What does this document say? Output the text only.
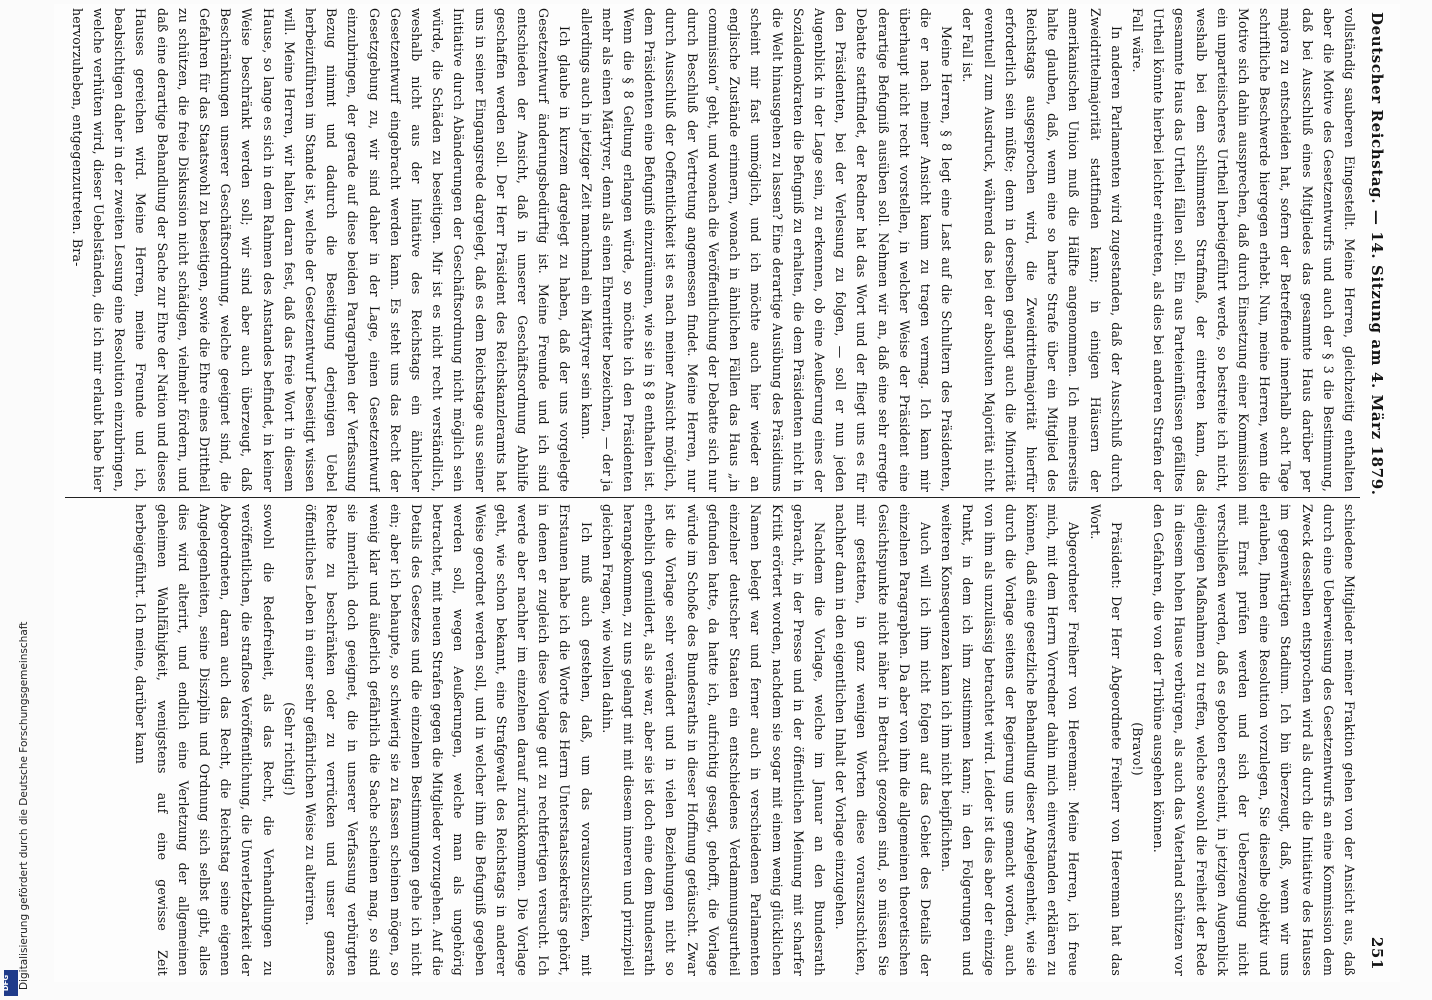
Deutscher Reichstag. — 14. Sitzung am 4. März 1879.
251

vollständig sauberen Eingestellt. Meine Herren, gleichzeitig enthalten aber die Motive des Gesetzentwurfs und auch der § 3 die Bestimmung, daß bei Ausschluß eines Mitgliedes das gesammte Haus darüber per majora zu entscheiden hat, sofern der Betreffende innerhalb acht Tage schriftliche Beschwerde hiergegen erhebt. Nun, meine Herren, wenn die Motive sich dahin aussprechen, daß durch Einsetzung einer Kommission ein unparteiischeres Urtheil herbeigeführt werde, so bestreite ich nicht, weshalb bei dem schlimmsten Strafmaß, der eintreten kann, das gesammte Haus das Urtheil fällen soll. Ein aus Parteieinflüssen gefälltes Urtheil könnte hierbei leichter eintreten, als dies bei anderen Strafen der Fall wäre.

In anderen Parlamenten wird zugestanden, daß der Ausschluß durch Zweidrittelmajorität stattfinden kann; in einigen Häusern der amerikanischen Union muß die Hälfte angenommen. Ich meinerseits halte glauben, daß, wenn eine so harte Strafe über ein Mitglied des Reichstags ausgesprochen wird, die Zweidrittelmajorität hierfür erforderlich sein müßte; denn in derselben gelangt auch die Minorität eventuell zum Ausdruck, während das bei der absoluten Majorität nicht der Fall ist.

Meine Herren, § 8 legt eine Last auf die Schultern des Präsidenten, die er nach meiner Ansicht kaum zu tragen vermag. Ich kann mir überhaupt nicht recht vorstellen, in welcher Weise der Präsident eine derartige Befugniß ausüben soll. Nehmen wir an, daß eine sehr erregte Debatte stattfindet, der Redner hat das Wort und der fliegt uns es für den Präsidenten, bei der Verlesung zu folgen, — soll er nun jeden Augenblick in der Lage sein, zu erkennen, ob eine Aeußerung eines der Sozialdemokraten die Befugniß zu erhalten, die dem Präsidenten nicht in die Welt hinausgehen zu lassen? Eine derartige Ausübung des Präsidiums scheint mir fast unmöglich, und ich möchte auch hier wieder an englische Zustände erinnern, wonach in ähnlichen Fällen das Haus „in commission“ geht, und wonach die Veröffentlichung der Debatte sich nur durch Beschluß der Vertretung angemessen findet. Meine Herren, nur durch Ausschluß der Oeffentlichkeit ist es nach meiner Ansicht möglich, dem Präsidenten eine Befugniß einzuräumen, wie sie in § 8 enthalten ist. Wenn die § 8 Geltung erlangen würde, so möchte ich den Präsidenten mehr als einen Märtyrer, denn als einen Ehrenritter bezeichnen, — der ja allerdings auch in jetziger Zeit manchmal ein Märtyrer sein kann.

Ich glaube in kurzem dargelegt zu haben, daß der uns vorgelegte Gesetzentwurf änderungsbedürftig ist. Meine Freunde und ich sind entschieden der Ansicht, daß in unserer Geschäftsordnung Abhilfe geschaffen werden soll. Der Herr Präsident des Reichskanzleramts hat uns in seiner Eingangsrede dargelegt, daß es dem Reichstage aus seiner Initiative durch Abänderungen der Geschäftsordnung nicht möglich sein würde, die Schäden zu beseitigen. Mir ist es nicht recht verständlich, weshalb nicht aus der Initiative des Reichstags ein ähnlicher Gesetzentwurf eingebracht werden kann. Es steht uns das Recht der Gesetzgebung zu, wir sind daher in der Lage, einen Gesetzentwurf einzubringen, der gerade auf diese beiden Paragraphen der Verfassung Bezug nimmt und dadurch die Beseitigung derjenigen Uebel herbeizuführen im Stande ist, welche der Gesetzentwurf beseitigt wissen will. Meine Herren, wir halten daran fest, daß das freie Wort in diesem Hause, so lange es sich in dem Rahmen des Anstandes befindet, in keiner Weise beschränkt werden soll; wir sind aber auch überzeugt, daß Beschränkungen unserer Geschäftsordnung, welche geeignet sind, die Gefahren für das Staatswohl zu beseitigen, sowie die Ehre eines Drittheil zu schützen, die freie Diskussion nicht schädigen, vielmehr fördern, und daß eine derartige Behandlung der Sache zur Ehre der Nation und dieses Hauses gereichen wird. Meine Herren, meine Freunde und ich, beabsichtigen daher in der zweiten Lesung eine Resolution einzubringen, welche verhüten wird, dieser Uebelständen, die ich mir erlaubt habe hier hervorzuheben, entgegenzutreten. Bra-

schiedene Mitglieder meiner Fraktion gehen von der Ansicht aus, daß durch eine Ueberweisung des Gesetzentwurfs an eine Kommission dem Zweck desselben entsprochen wird als durch die Initiative des Hauses im gegenwärtigen Stadium. Ich bin überzeugt, daß, wenn wir uns erlauben, Ihnen eine Resolution vorzulegen, Sie dieselbe objektiv und mit Ernst prüfen werden und sich der Ueberzeugung nicht verschließen werden, daß es geboten erscheint, in jetzigen Augenblick diejenigen Maßnahmen zu treffen, welche sowohl die Freiheit der Rede in diesem hohen Hause verbürgen, als auch das Vaterland schützen vor den Gefahren, die von der Tribüne ausgehen können.

(Bravo!)

Präsident: Der Herr Abgeordnete Freiherr von Heereman hat das Wort.

Abgeordneter Freiherr von Heereman: Meine Herren, ich freue mich, mit dem Herrn Vorredner dahin mich einverstanden erklären zu können, daß eine gesetzliche Behandlung dieser Angelegenheit, wie sie durch die Vorlage seitens der Regierung uns gemacht worden, auch von ihm als unzulässig betrachtet wird. Leider ist dies aber der einzige Punkt, in dem ich ihm zustimmen kann; in den Folgerungen und weiteren Konsequenzen kann ich ihm nicht beipflichten.

Auch will ich ihm nicht folgen auf das Gebiet des Details der einzelnen Paragraphen. Da aber von ihm die allgemeinen theoretischen Gesichtspunkte nicht näher in Betracht gezogen sind, so müssen Sie mir gestatten, in ganz wenigen Worten diese vorauszuschicken, nachher dann in den eigentlichen Inhalt der Vorlage einzugehen.

Nachdem die Vorlage, welche im Januar an den Bundesrath gebracht, in der Presse und in der öffentlichen Meinung mit scharfer Kritik erörtert worden, nachdem sie sogar mit einem wenig glücklichen Namen belegt war und ferner auch in verschiedenen Parlamenten einzelner deutscher Staaten ein entschiedenes Verdammungsurtheil gefunden hatte, da hatte ich, aufrichtig gesagt, gehofft, die Vorlage würde im Schoße des Bundesraths in dieser Hoffnung getäuscht. Zwar ist die Vorlage sehr verändert und in vielen Beziehungen nicht so erheblich gemildert, als sie war, aber sie ist doch eine dem Bundesrath herangekommen, zu uns gelangt mit mit diesem inneren und prinzipiell gleichen Fragen, wie wollen dahin.

Ich muß auch gestehen, daß, um das vorauszuschicken, mit Erstaunen habe ich die Worte des Herrn Unterstaatssekretärs gehört, in denen er zugleich diese Vorlage gut zu rechtfertigen versucht. Ich werde aber nachher im einzelnen darauf zurückkommen. Die Vorlage geht, wie schon bekannt, eine Strafgewalt des Reichstags in anderer Weise geordnet werden soll, und in welcher ihm die Befugniß gegeben werden soll, wegen Aeußerungen, welche man als ungehörig betrachtet, mit neuen Strafen gegen die Mitglieder vorzugehen. Auf die Details des Gesetzes und die einzelnen Bestimmungen gehe ich nicht ein; aber ich behaupte, so schwierig sie zu fassen scheinen mögen, so wenig klar und äußerlich gefährlich die Sache scheinen mag, so sind sie innerlich doch geeignet, die in unserer Verfassung verbürgten Rechte zu beschränken oder zu verrücken und unser ganzes öffentliches Leben in einer sehr gefährlichen Weise zu alteriren.

(Sehr richtig!)

sowohl die Redefreiheit, als das Recht, die Verhandlungen zu veröffentlichen, die straflose Veröffentlichung, die Unverletzbarkeit der Abgeordneten, daran auch das Recht, die Reichstag seine eigenen Angelegenheiten, seine Disziplin und Ordnung sich selbst gibt, alles dies wird alterirt, und endlich eine Verletzung der allgemeinen geheimen Wahlfähigkeit, wenigstens auf eine gewisse Zeit herbeigeführt. Ich meine, darüber kann

Digitalisierung gefördert durch die Deutsche Forschungsgemeinschaft
DFG
